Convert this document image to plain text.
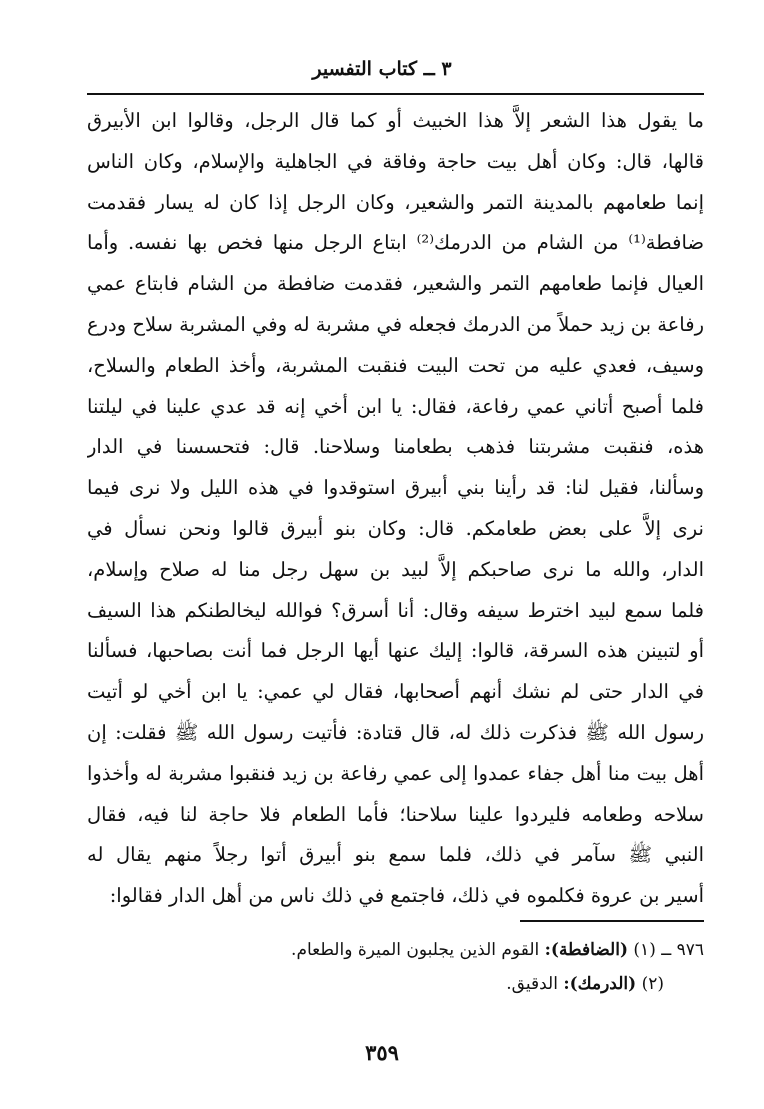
٣ ــ كتاب التفسير
ما يقول هذا الشعر إلاَّ هذا الخبيث أو كما قال الرجل، وقالوا ابن الأبيرق
قالها، قال: وكان أهل بيت حاجة وفاقة في الجاهلية والإسلام، وكان الناس
إنما طعامهم بالمدينة التمر والشعير، وكان الرجل إذا كان له يسار فقدمت
ضافطة⁽¹⁾ من الشام من الدرمك⁽²⁾ ابتاع الرجل منها فخص بها نفسه. وأما
العيال فإنما طعامهم التمر والشعير، فقدمت ضافطة من الشام فابتاع عمي
رفاعة بن زيد حملاً من الدرمك فجعله في مشربة له وفي المشربة سلاح ودرع
وسيف، فعدي عليه من تحت البيت فنقبت المشربة، وأخذ الطعام والسلاح،
فلما أصبح أتاني عمي رفاعة، فقال: يا ابن أخي إنه قد عدي علينا في ليلتنا
هذه، فنقبت مشربتنا فذهب بطعامنا وسلاحنا. قال: فتحسسنا في الدار
وسألنا، فقيل لنا: قد رأينا بني أبيرق استوقدوا في هذه الليل ولا نرى فيما
نرى إلاَّ على بعض طعامكم. قال: وكان بنو أبيرق قالوا ونحن نسأل في
الدار، والله ما نرى صاحبكم إلاَّ لبيد بن سهل رجل منا له صلاح وإسلام،
فلما سمع لبيد اخترط سيفه وقال: أنا أسرق؟ فوالله ليخالطنكم هذا السيف
أو لتبينن هذه السرقة، قالوا: إليك عنها أيها الرجل فما أنت بصاحبها، فسألنا
في الدار حتى لم نشك أنهم أصحابها، فقال لي عمي: يا ابن أخي لو أتيت
رسول الله ﷺ فذكرت ذلك له، قال قتادة: فأتيت رسول الله ﷺ فقلت: إن
أهل بيت منا أهل جفاء عمدوا إلى عمي رفاعة بن زيد فنقبوا مشربة له وأخذوا
سلاحه وطعامه فليردوا علينا سلاحنا؛ فأما الطعام فلا حاجة لنا فيه، فقال
النبي ﷺ سآمر في ذلك، فلما سمع بنو أبيرق أتوا رجلاً منهم يقال له
أسير بن عروة فكلموه في ذلك، فاجتمع في ذلك ناس من أهل الدار فقالوا:
٩٧٦ ــ (١) (الضافطة): القوم الذين يجلبون الميرة والطعام.
(٢) (الدرمك): الدقيق.
٣٥٩
